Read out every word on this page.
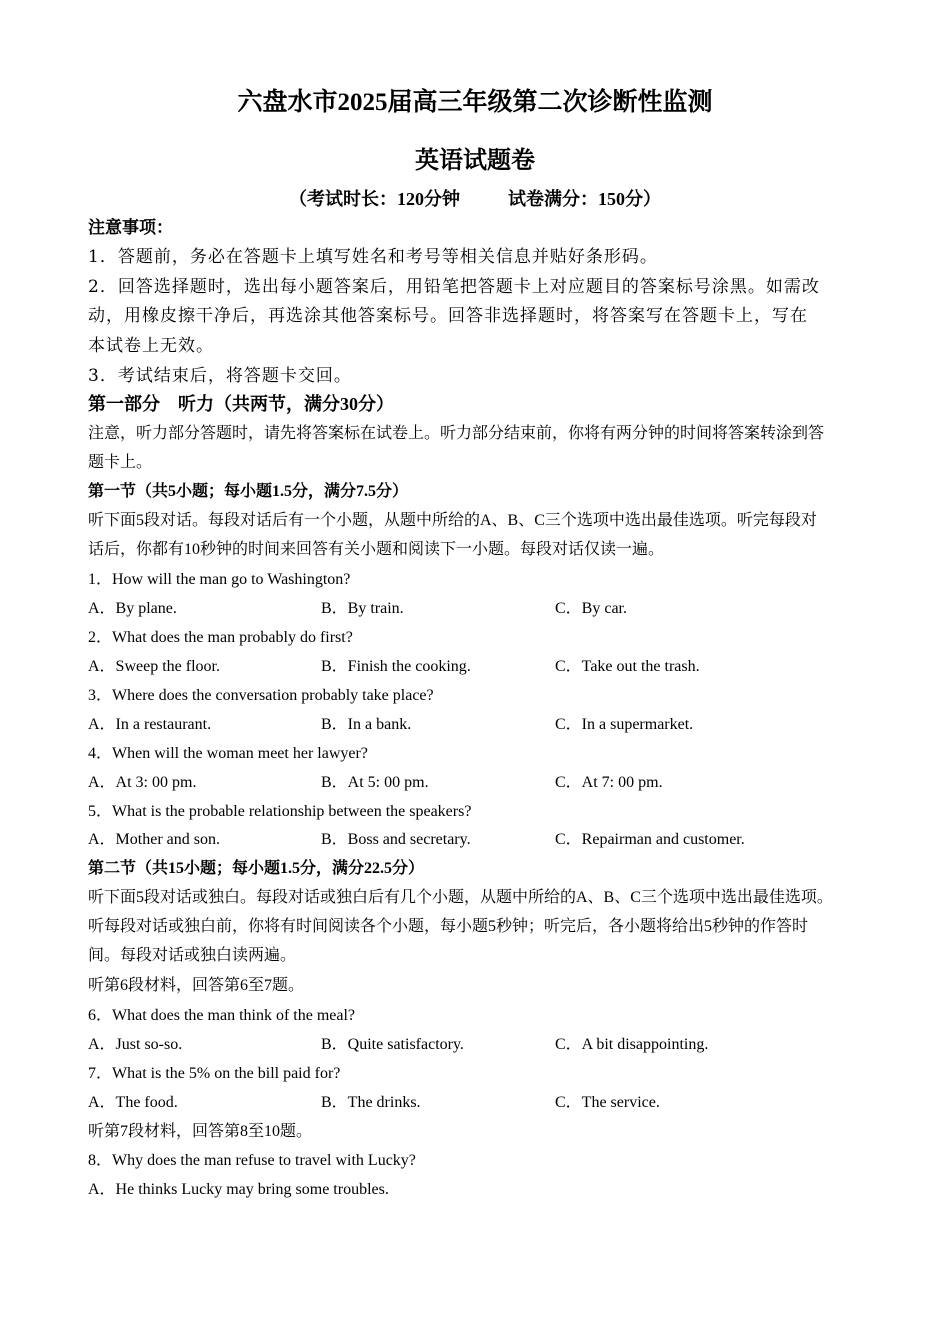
六盘水市2025届高三年级第二次诊断性监测
英语试题卷
（考试时长：120分钟	试卷满分：150分）
注意事项：
1．答题前，务必在答题卡上填写姓名和考号等相关信息并贴好条形码。
2．回答选择题时，选出每小题答案后，用铅笔把答题卡上对应题目的答案标号涂黑。如需改
动，用橡皮擦干净后，再选涂其他答案标号。回答非选择题时，将答案写在答题卡上，写在
本试卷上无效。
3．考试结束后，将答题卡交回。
第一部分　听力（共两节，满分30分）
注意，听力部分答题时，请先将答案标在试卷上。听力部分结束前，你将有两分钟的时间将答案转涂到答
题卡上。
第一节（共5小题；每小题1.5分，满分7.5分）
听下面5段对话。每段对话后有一个小题，从题中所给的A、B、C三个选项中选出最佳选项。听完每段对
话后，你都有10秒钟的时间来回答有关小题和阅读下一小题。每段对话仅读一遍。
1．How will the man go to Washington?
A．By plane.	B．By train.	C．By car.
2．What does the man probably do first?
A．Sweep the floor.	B．Finish the cooking.	C．Take out the trash.
3．Where does the conversation probably take place?
A．In a restaurant.	B．In a bank.	C．In a supermarket.
4．When will the woman meet her lawyer?
A．At 3: 00 pm.	B．At 5: 00 pm.	C．At 7: 00 pm.
5．What is the probable relationship between the speakers?
A．Mother and son.	B．Boss and secretary.	C．Repairman and customer.
第二节（共15小题；每小题1.5分，满分22.5分）
听下面5段对话或独白。每段对话或独白后有几个小题，从题中所给的A、B、C三个选项中选出最佳选项。
听每段对话或独白前，你将有时间阅读各个小题，每小题5秒钟；听完后，各小题将给出5秒钟的作答时
间。每段对话或独白读两遍。
听第6段材料，回答第6至7题。
6．What does the man think of the meal?
A．Just so-so.	B．Quite satisfactory.	C．A bit disappointing.
7．What is the 5% on the bill paid for?
A．The food.	B．The drinks.	C．The service.
听第7段材料，回答第8至10题。
8．Why does the man refuse to travel with Lucky?
A．He thinks Lucky may bring some troubles.
